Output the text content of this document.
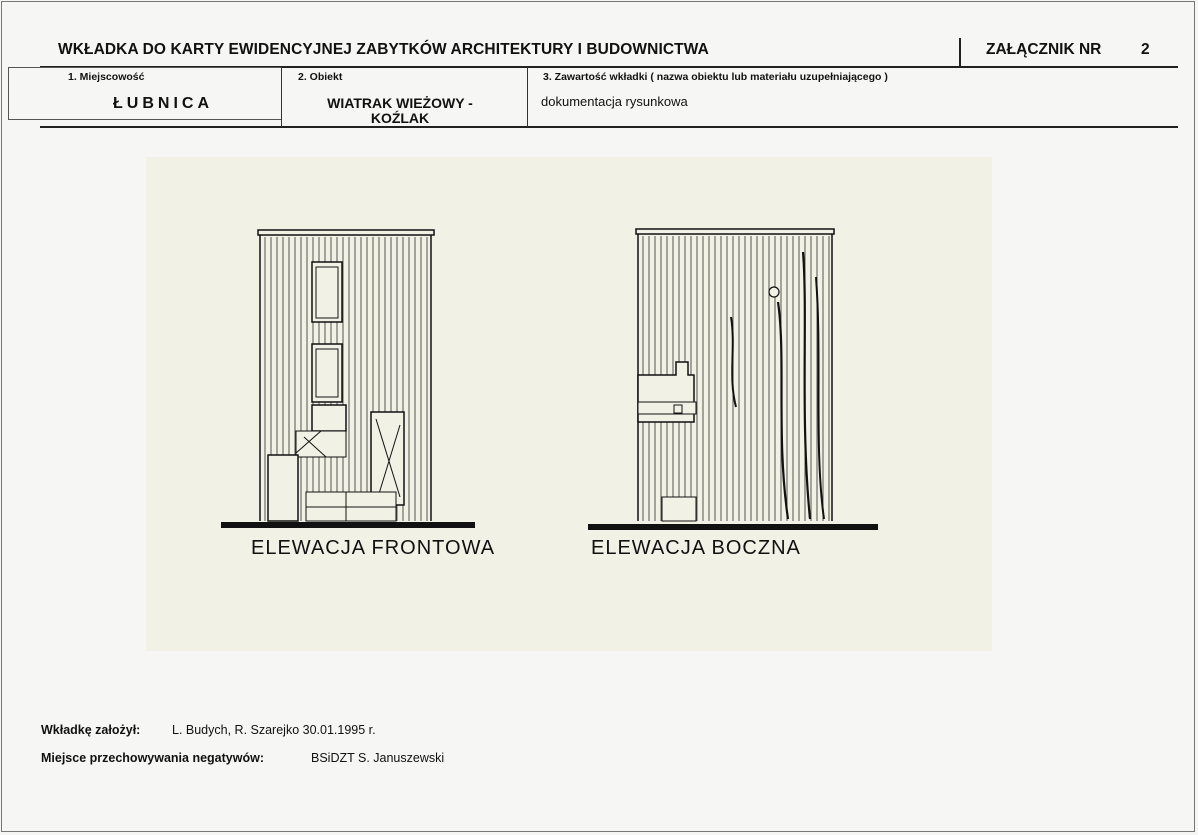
WKŁADKA DO KARTY EWIDENCYJNEJ ZABYTKÓW ARCHITEKTURY I BUDOWNICTWA	ZAŁĄCZNIK NR	2
1. Miejscowość
ŁUBNICA
2. Obiekt
WIATRAK WIEŻOWY -
KOŹLAK
3. Zawartość wkładki ( nazwa obiektu lub materiału uzupełniającego )
dokumentacja rysunkowa
ELEWACJA FRONTOWA	ELEWACJA BOCZNA
Wkładkę założył:	L. Budych, R. Szarejko 30.01.1995 r.
Miejsce przechowywania negatywów:	BSiDZT S. Januszewski
